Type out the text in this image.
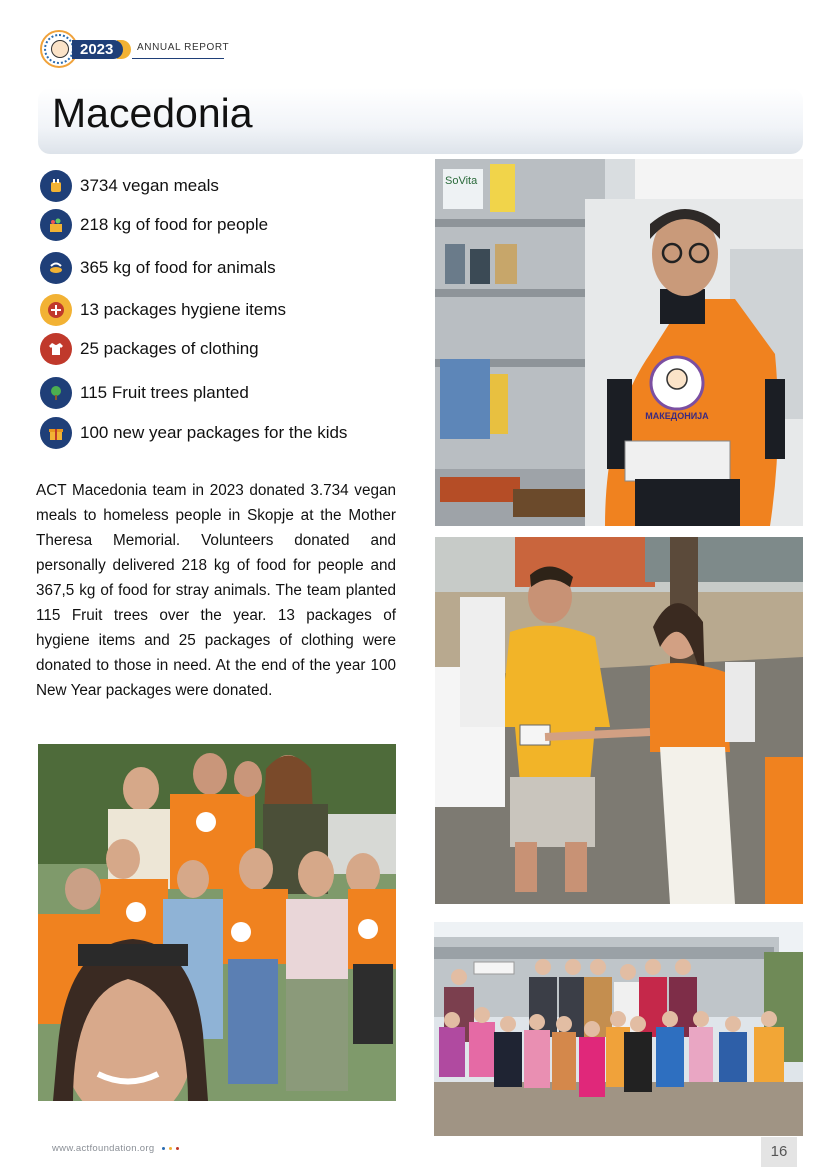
2023	ANNUAL REPORT
Macedonia
3734 vegan meals
218 kg of food for people
365 kg of food for animals
13 packages hygiene items
25 packages of clothing
115 Fruit trees planted
100 new year packages for the kids

ACT Macedonia team in 2023 donated 3.734 vegan meals to homeless people in Skopje at the Mother Theresa Memorial. Volunteers donated and personally delivered 218 kg of food for people and 367,5 kg of food for stray animals. The team planted 115 Fruit trees over the year. 13 packages of hygiene items and 25 packages of clothing were donated to those in need. At the end of the year 100 New Year packages were donated.

SoVita
МАКЕДОНИЈА
www.actfoundation.org	16
